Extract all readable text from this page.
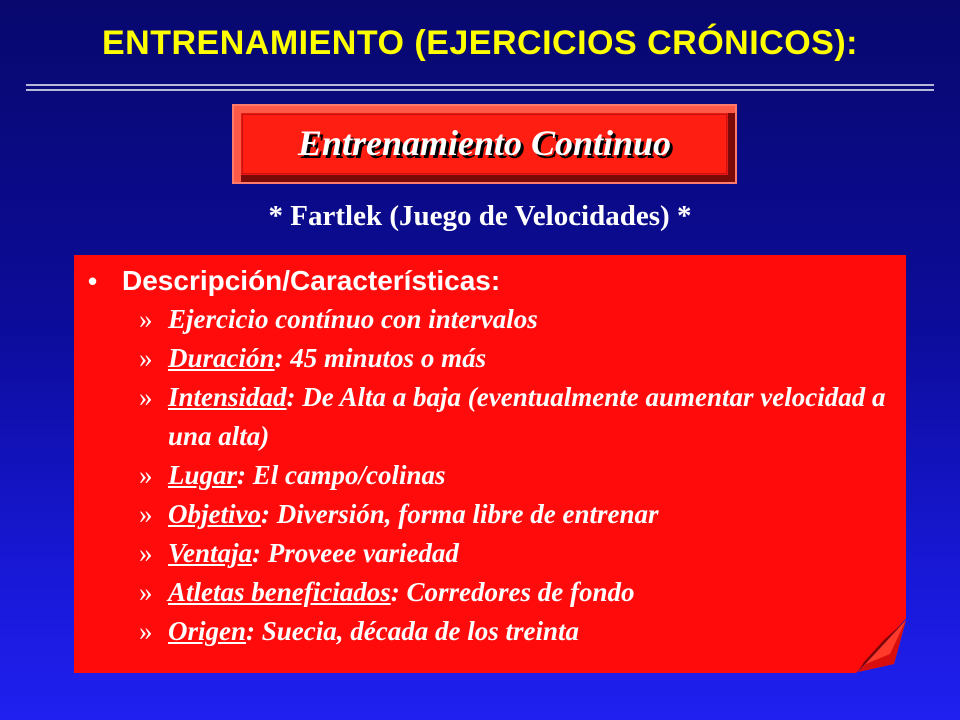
ENTRENAMIENTO (EJERCICIOS CRÓNICOS):
Entrenamiento Continuo
* Fartlek (Juego de Velocidades) *
• Descripción/Características:
» Ejercicio contínuo con intervalos
» Duración: 45 minutos o más
» Intensidad: De Alta a baja (eventualmente aumentar velocidad a una alta)
» Lugar: El campo/colinas
» Objetivo: Diversión, forma libre de entrenar
» Ventaja: Proveee variedad
» Atletas beneficiados: Corredores de fondo
» Origen: Suecia, década de los treinta
